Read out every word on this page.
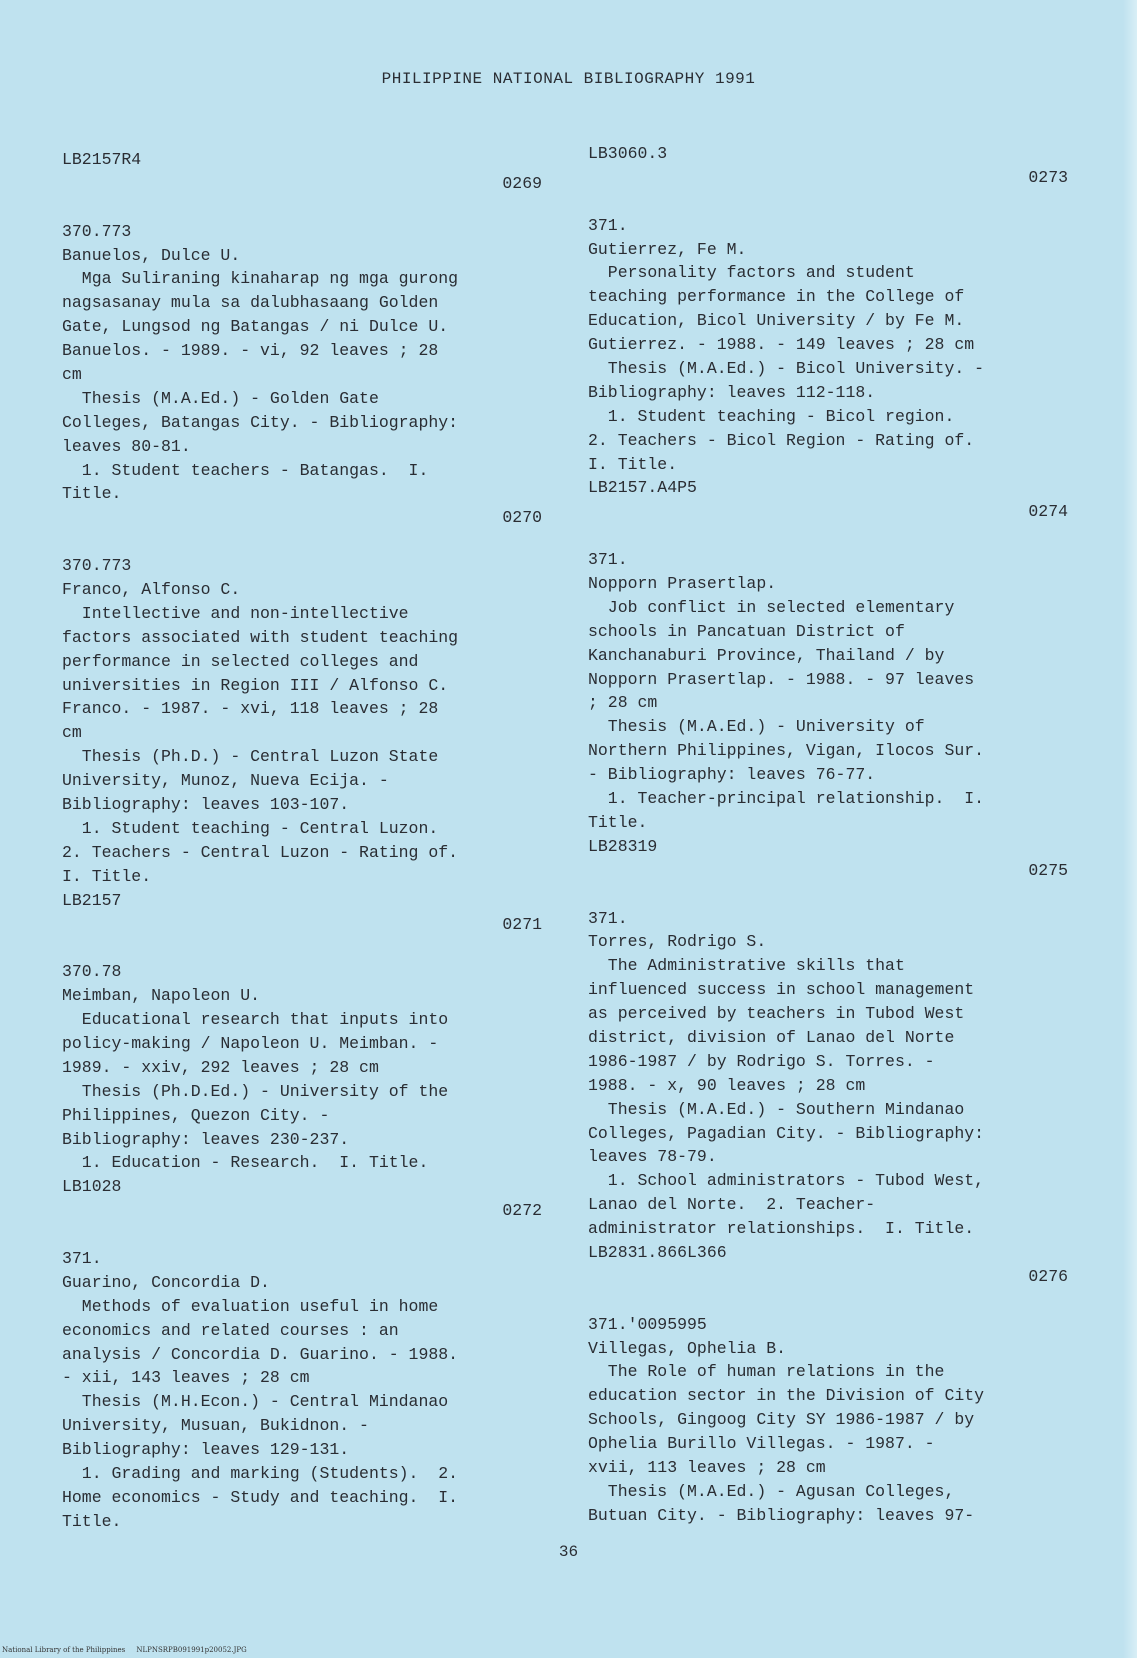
PHILIPPINE NATIONAL BIBLIOGRAPHY 1991
LB2157R4
0269
370.773
Banuelos, Dulce U.
Mga Suliraning kinaharap ng mga gurong
nagsasanay mula sa dalubhasaang Golden
Gate, Lungsod ng Batangas / ni Dulce U.
Banuelos. - 1989. - vi, 92 leaves ; 28
cm
Thesis (M.A.Ed.) - Golden Gate
Colleges, Batangas City. - Bibliography:
leaves 80-81.
1. Student teachers - Batangas.  I.
Title.
0270
370.773
Franco, Alfonso C.
Intellective and non-intellective
factors associated with student teaching
performance in selected colleges and
universities in Region III / Alfonso C.
Franco. - 1987. - xvi, 118 leaves ; 28
cm
Thesis (Ph.D.) - Central Luzon State
University, Munoz, Nueva Ecija. -
Bibliography: leaves 103-107.
1. Student teaching - Central Luzon.
2. Teachers - Central Luzon - Rating of.
I. Title.
LB2157
0271
370.78
Meimban, Napoleon U.
Educational research that inputs into
policy-making / Napoleon U. Meimban. -
1989. - xxiv, 292 leaves ; 28 cm
Thesis (Ph.D.Ed.) - University of the
Philippines, Quezon City. -
Bibliography: leaves 230-237.
1. Education - Research.  I. Title.
LB1028
0272
371.
Guarino, Concordia D.
Methods of evaluation useful in home
economics and related courses : an
analysis / Concordia D. Guarino. - 1988.
- xii, 143 leaves ; 28 cm
Thesis (M.H.Econ.) - Central Mindanao
University, Musuan, Bukidnon. -
Bibliography: leaves 129-131.
1. Grading and marking (Students).  2.
Home economics - Study and teaching.  I.
Title.
LB3060.3
0273
371.
Gutierrez, Fe M.
Personality factors and student
teaching performance in the College of
Education, Bicol University / by Fe M.
Gutierrez. - 1988. - 149 leaves ; 28 cm
Thesis (M.A.Ed.) - Bicol University. -
Bibliography: leaves 112-118.
1. Student teaching - Bicol region.
2. Teachers - Bicol Region - Rating of.
I. Title.
LB2157.A4P5
0274
371.
Nopporn Prasertlap.
Job conflict in selected elementary
schools in Pancatuan District of
Kanchanaburi Province, Thailand / by
Nopporn Prasertlap. - 1988. - 97 leaves
; 28 cm
Thesis (M.A.Ed.) - University of
Northern Philippines, Vigan, Ilocos Sur.
- Bibliography: leaves 76-77.
1. Teacher-principal relationship.  I.
Title.
LB28319
0275
371.
Torres, Rodrigo S.
The Administrative skills that
influenced success in school management
as perceived by teachers in Tubod West
district, division of Lanao del Norte
1986-1987 / by Rodrigo S. Torres. -
1988. - x, 90 leaves ; 28 cm
Thesis (M.A.Ed.) - Southern Mindanao
Colleges, Pagadian City. - Bibliography:
leaves 78-79.
1. School administrators - Tubod West,
Lanao del Norte.  2. Teacher-
administrator relationships.  I. Title.
LB2831.866L366
0276
371.'0095995
Villegas, Ophelia B.
The Role of human relations in the
education sector in the Division of City
Schools, Gingoog City SY 1986-1987 / by
Ophelia Burillo Villegas. - 1987. -
xvii, 113 leaves ; 28 cm
Thesis (M.A.Ed.) - Agusan Colleges,
Butuan City. - Bibliography: leaves 97-
36
National Library of the Philippines     NLPNSRPB091991p20052.JPG
